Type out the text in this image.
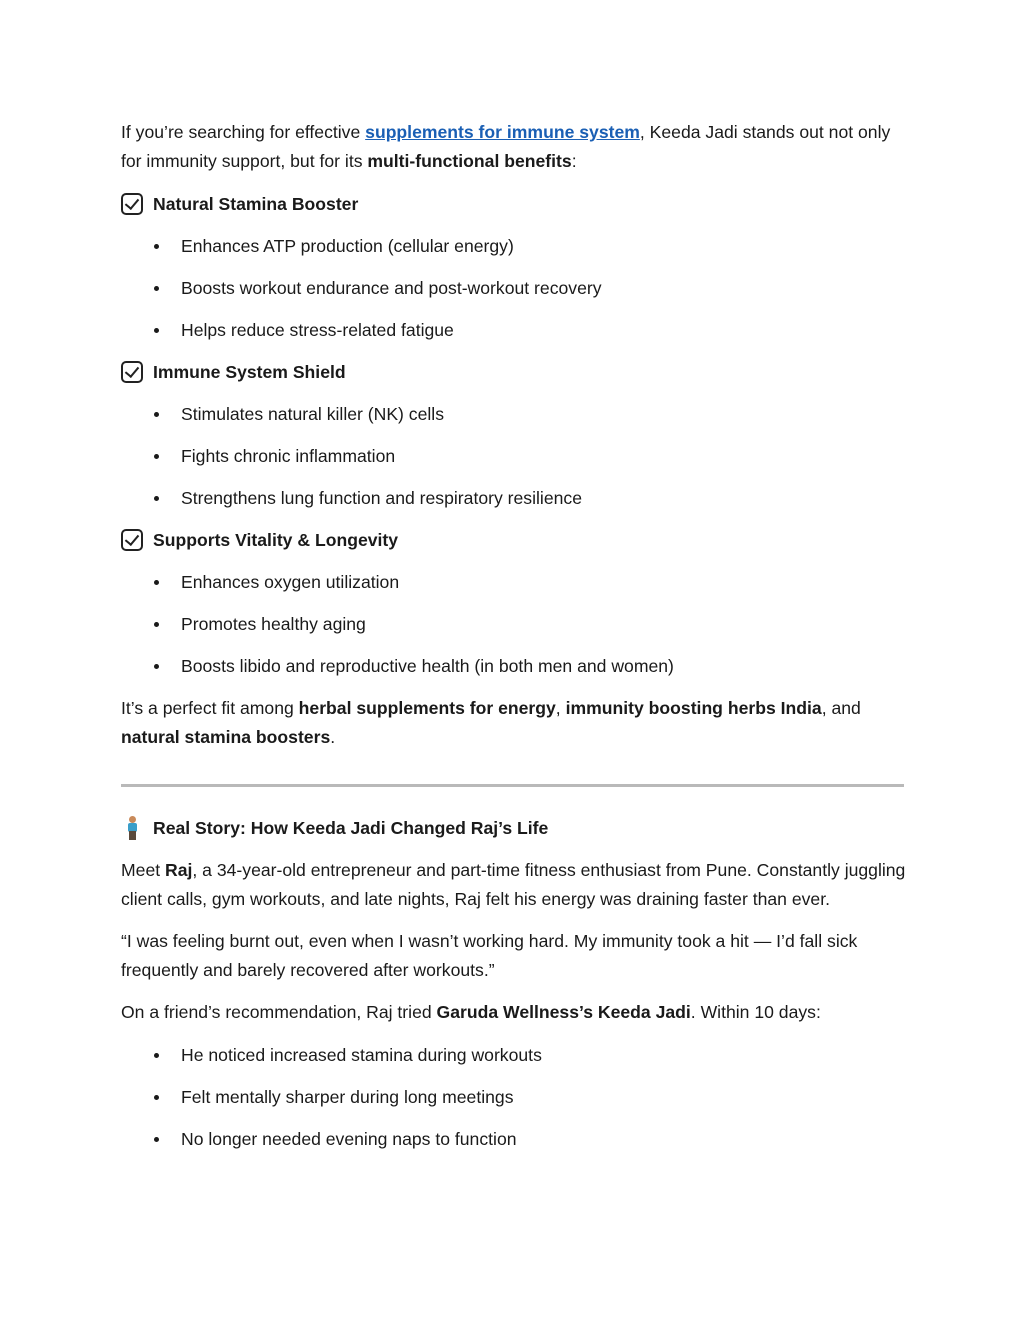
If you’re searching for effective supplements for immune system, Keeda Jadi stands out not only for immunity support, but for its multi-functional benefits:

Natural Stamina Booster
Enhances ATP production (cellular energy)
Boosts workout endurance and post-workout recovery
Helps reduce stress-related fatigue
Immune System Shield
Stimulates natural killer (NK) cells
Fights chronic inflammation
Strengthens lung function and respiratory resilience
Supports Vitality & Longevity
Enhances oxygen utilization
Promotes healthy aging
Boosts libido and reproductive health (in both men and women)

It’s a perfect fit among herbal supplements for energy, immunity boosting herbs India, and natural stamina boosters.

Real Story: How Keeda Jadi Changed Raj’s Life

Meet Raj, a 34-year-old entrepreneur and part-time fitness enthusiast from Pune. Constantly juggling client calls, gym workouts, and late nights, Raj felt his energy was draining faster than ever.

“I was feeling burnt out, even when I wasn’t working hard. My immunity took a hit — I’d fall sick frequently and barely recovered after workouts.”

On a friend’s recommendation, Raj tried Garuda Wellness’s Keeda Jadi. Within 10 days:

He noticed increased stamina during workouts
Felt mentally sharper during long meetings
No longer needed evening naps to function
